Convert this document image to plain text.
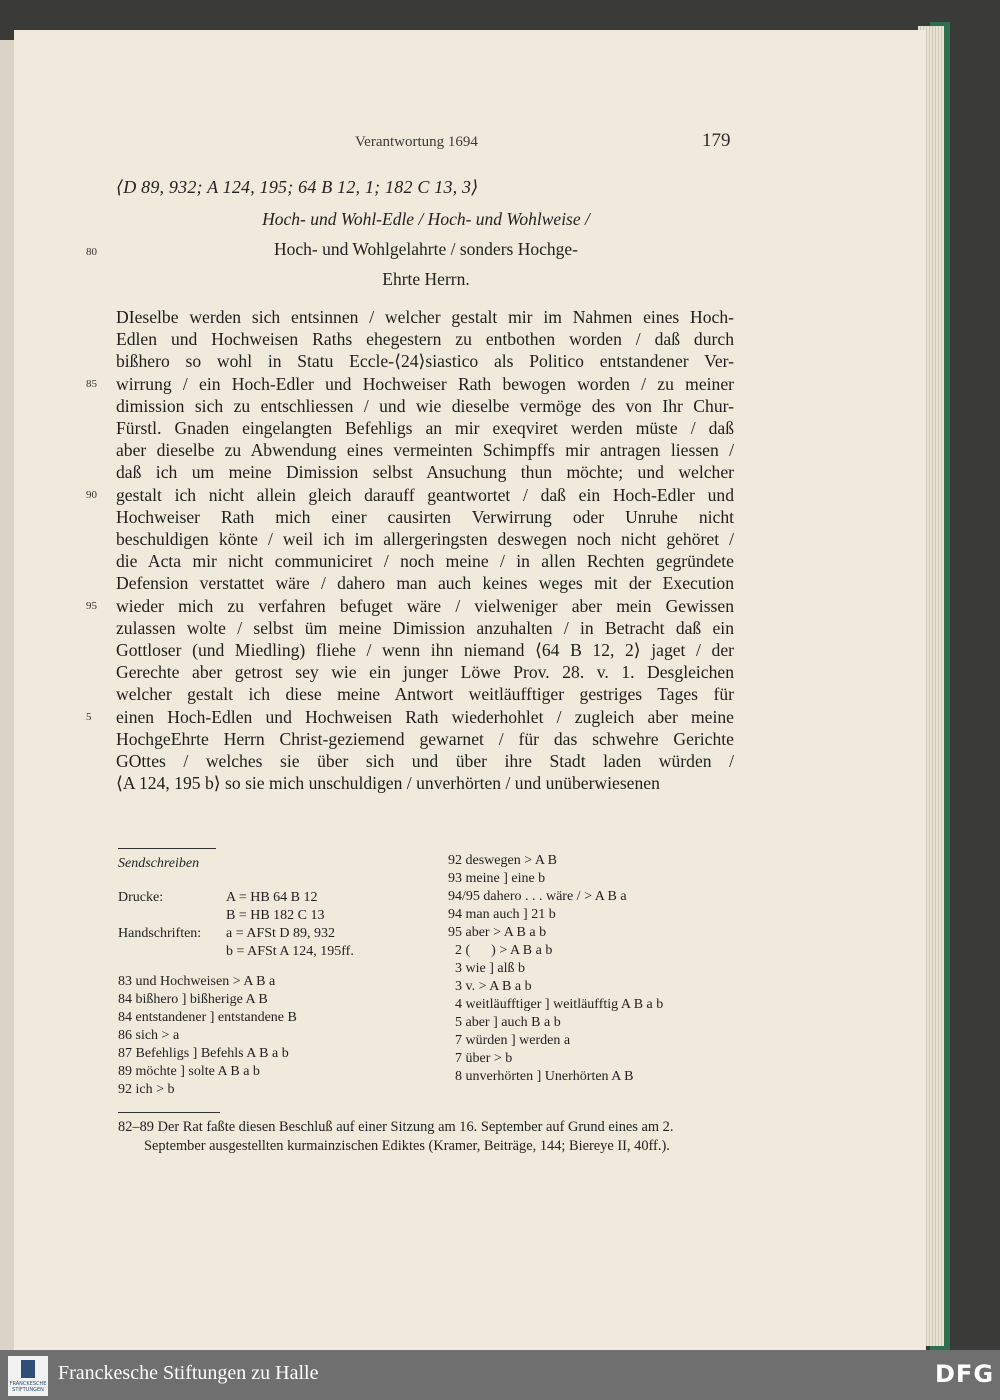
Verantwortung 1694	179
⟨D 89, 932; A 124, 195; 64 B 12, 1; 182 C 13, 3⟩
Hoch- und Wohl-Edle / Hoch- und Wohlweise /
Hoch- und Wohlgelahrte / sonders Hochge-
Ehrte Herrn.
80
85
90
95
5
DIeselbe werden sich entsinnen / welcher gestalt mir im Nahmen eines Hoch-
Edlen und Hochweisen Raths ehegestern zu entbothen worden / daß durch
bißhero so wohl in Statu Eccle-⟨24⟩siastico als Politico entstandener Ver-
wirrung / ein Hoch-Edler und Hochweiser Rath bewogen worden / zu meiner
dimission sich zu entschliessen / und wie dieselbe vermöge des von Ihr Chur-
Fürstl. Gnaden eingelangten Befehligs an mir exeqviret werden müste / daß
aber dieselbe zu Abwendung eines vermeinten Schimpffs mir antragen liessen /
daß ich um meine Dimission selbst Ansuchung thun möchte; und welcher
gestalt ich nicht allein gleich darauff geantwortet / daß ein Hoch-Edler und
Hochweiser Rath mich einer causirten Verwirrung oder Unruhe nicht
beschuldigen könte / weil ich im allergeringsten deswegen noch nicht gehöret /
die Acta mir nicht communiciret / noch meine / in allen Rechten gegründete
Defension verstattet wäre / dahero man auch keines weges mit der Execution
wieder mich zu verfahren befuget wäre / vielweniger aber mein Gewissen
zulassen wolte / selbst üm meine Dimission anzuhalten / in Betracht daß ein
Gottloser (und Miedling) fliehe / wenn ihn niemand ⟨64 B 12, 2⟩ jaget / der
Gerechte aber getrost sey wie ein junger Löwe Prov. 28. v. 1. Desgleichen
welcher gestalt ich diese meine Antwort weitläufftiger gestriges Tages für
einen Hoch-Edlen und Hochweisen Rath wiederhohlet / zugleich aber meine
HochgeEhrte Herrn Christ-geziemend gewarnet / für das schwehre Gerichte
GOttes / welches sie über sich und über ihre Stadt laden würden /
⟨A 124, 195 b⟩ so sie mich unschuldigen / unverhörten / und unüberwiesenen
Sendschreiben
Drucke:	A = HB 64 B 12
B = HB 182 C 13
Handschriften:	a = AFSt D 89, 932
b = AFSt A 124, 195ff.
83 und Hochweisen > A B a
84 bißhero ] bißherige A B
84 entstandener ] entstandene B
86 sich > a
87 Befehligs ] Befehls A B a b
89 möchte ] solte A B a b
92 ich > b
92 deswegen > A B
93 meine ] eine b
94/95 dahero . . . wäre / > A B a
94 man auch ] 21 b
95 aber > A B a b
2 (      ) > A B a b
3 wie ] alß b
3 v. > A B a b
4 weitläufftiger ] weitläufftig A B a b
5 aber ] auch B a b
7 würden ] werden a
7 über > b
8 unverhörten ] Unerhörten A B
82–89 Der Rat faßte diesen Beschluß auf einer Sitzung am 16. September auf Grund eines am 2.
September ausgestellten kurmainzischen Ediktes (Kramer, Beiträge, 144; Biereye II, 40ff.).
FRANCKESCHE STIFTUNGEN
Franckesche Stiftungen zu Halle	DFG
